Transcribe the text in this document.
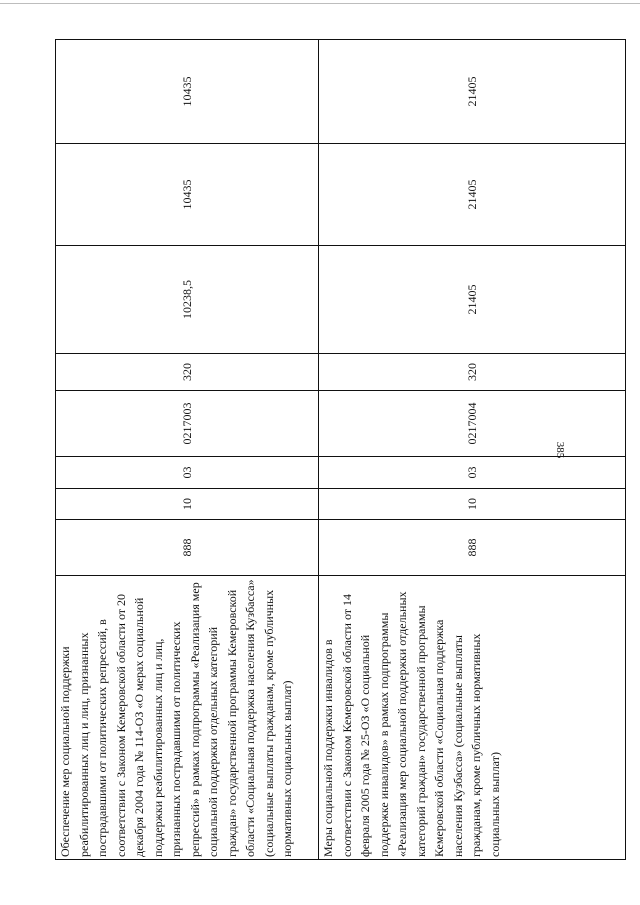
385
Обеспечение мер социальной поддержки реабилитированных лиц и лиц, признанных пострадавшими от политических репрессий, в соответствии с Законом Кемеровской области от 20 декабря 2004 года № 114-ОЗ «О мерах социальной поддержки реабилитированных лиц и лиц, признанных пострадавшими от политических репрессий» в рамках подпрограммы «Реализация мер социальной поддержки отдельных категорий граждан» государственной программы Кемеровской области «Социальная поддержка населения Кузбасса» (социальные выплаты гражданам, кроме публичных нормативных социальных выплат)	888	10	03	0217003	320	10238,5	10435	10435
Меры социальной поддержки инвалидов в соответствии с Законом Кемеровской области от 14 февраля 2005 года № 25-ОЗ «О социальной поддержке инвалидов» в рамках подпрограммы «Реализация мер социальной поддержки отдельных категорий граждан» государственной программы Кемеровской области «Социальная поддержка населения Кузбасса» (социальные выплаты гражданам, кроме публичных нормативных социальных выплат)	888	10	03	0217004	320	21405	21405	21405
